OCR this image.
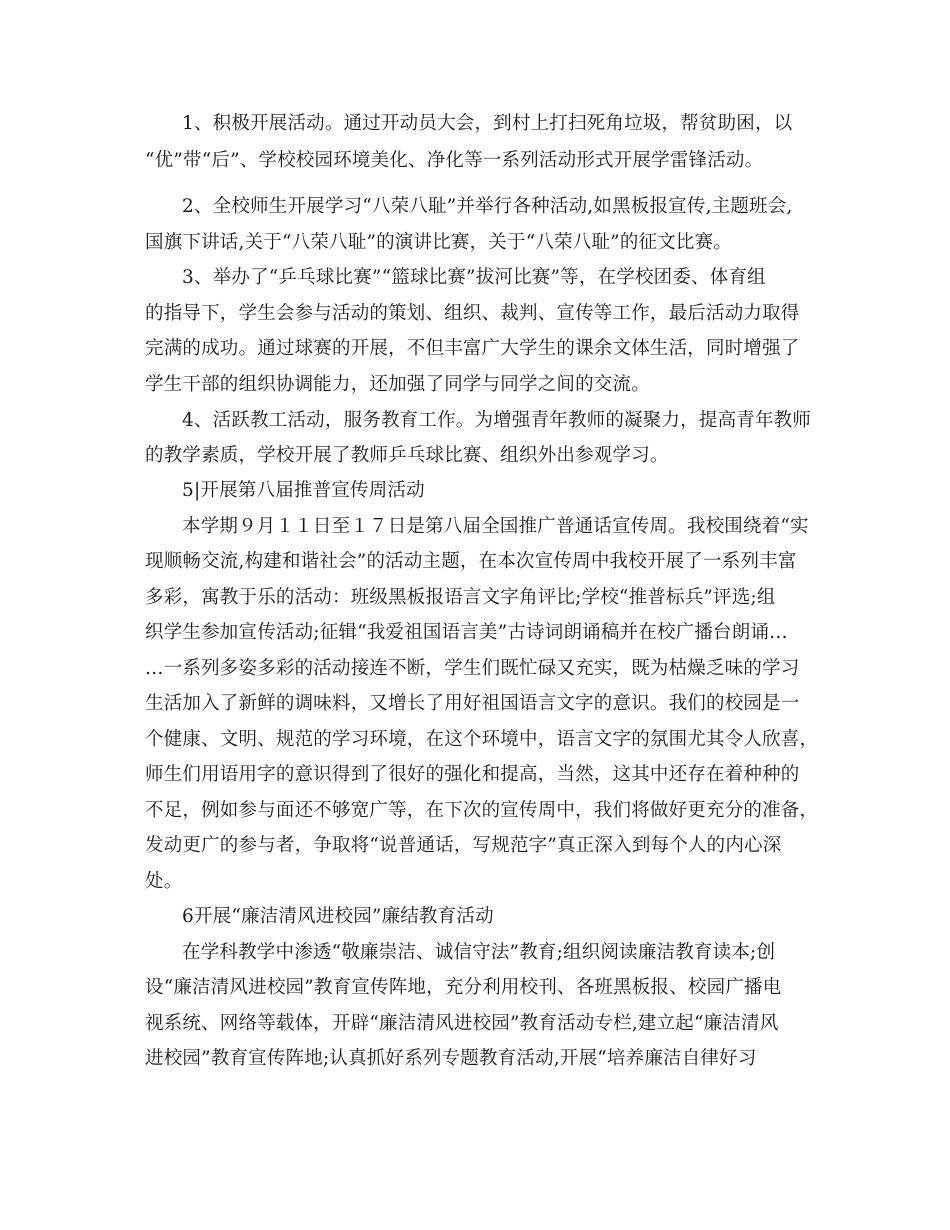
1、积极开展活动。通过开动员大会，到村上打扫死角垃圾，帮贫助困，以
“优”带“后”、学校校园环境美化、净化等一系列活动形式开展学雷锋活动。
2、全校师生开展学习“八荣八耻”并举行各种活动,如黑板报宣传,主题班会,
国旗下讲话,关于“八荣八耻”的演讲比赛，关于“八荣八耻”的征文比赛。
3、举办了“乒乓球比赛”“篮球比赛”拔河比赛”等，在学校团委、体育组
的指导下，学生会参与活动的策划、组织、裁判、宣传等工作，最后活动力取得
完满的成功。通过球赛的开展，不但丰富广大学生的课余文体生活，同时增强了
学生干部的组织协调能力，还加强了同学与同学之间的交流。
4、活跃教工活动，服务教育工作。为增强青年教师的凝聚力，提高青年教师
的教学素质，学校开展了教师乒乓球比赛、组织外出参观学习。
5|开展第八届推普宣传周活动
本学期９月１１日至１７日是第八届全国推广普通话宣传周。我校围绕着“实
现顺畅交流,构建和谐社会”的活动主题，在本次宣传周中我校开展了一系列丰富
多彩，寓教于乐的活动：班级黑板报语言文字角评比;学校“推普标兵”评选;组
织学生参加宣传活动;征辑“我爱祖国语言美”古诗词朗诵稿并在校广播台朗诵…
…一系列多姿多彩的活动接连不断，学生们既忙碌又充实，既为枯燥乏味的学习
生活加入了新鲜的调味料，又增长了用好祖国语言文字的意识。我们的校园是一
个健康、文明、规范的学习环境，在这个环境中，语言文字的氛围尤其令人欣喜，
师生们用语用字的意识得到了很好的强化和提高，当然，这其中还存在着种种的
不足，例如参与面还不够宽广等，在下次的宣传周中，我们将做好更充分的准备，
发动更广的参与者，争取将“说普通话，写规范字”真正深入到每个人的内心深
处。
6开展“廉洁清风进校园”廉结教育活动
在学科教学中渗透“敬廉崇洁、诚信守法”教育;组织阅读廉洁教育读本;创
设“廉洁清风进校园”教育宣传阵地，充分利用校刊、各班黑板报、校园广播电
视系统、网络等载体，开辟“廉洁清风进校园”教育活动专栏,建立起“廉洁清风
进校园”教育宣传阵地;认真抓好系列专题教育活动,开展“培养廉洁自律好习
